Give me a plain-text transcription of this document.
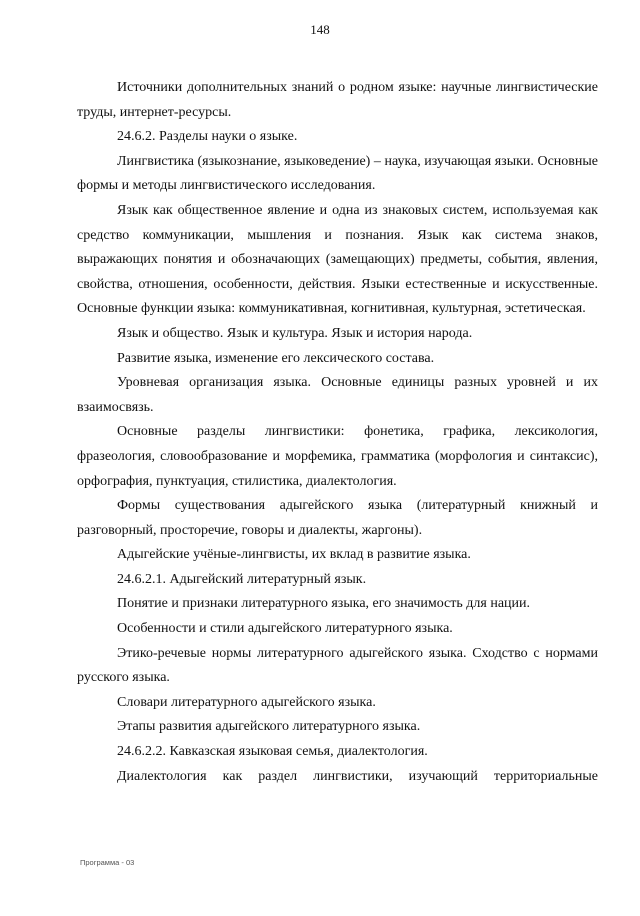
148

Источники дополнительных знаний о родном языке: научные лингвистические труды, интернет-ресурсы.

24.6.2. Разделы науки о языке.

Лингвистика (языкознание, языковедение) – наука, изучающая языки. Основные формы и методы лингвистического исследования.

Язык как общественное явление и одна из знаковых систем, используемая как средство коммуникации, мышления и познания. Язык как система знаков, выражающих понятия и обозначающих (замещающих) предметы, события, явления, свойства, отношения, особенности, действия. Языки естественные и искусственные. Основные функции языка: коммуникативная, когнитивная, культурная, эстетическая.

Язык и общество. Язык и культура. Язык и история народа.

Развитие языка, изменение его лексического состава.

Уровневая организация языка. Основные единицы разных уровней и их взаимосвязь.

Основные разделы лингвистики: фонетика, графика, лексикология, фразеология, словообразование и морфемика, грамматика (морфология и синтаксис), орфография, пунктуация, стилистика, диалектология.

Формы существования адыгейского языка (литературный книжный и разговорный, просторечие, говоры и диалекты, жаргоны).

Адыгейские учёные-лингвисты, их вклад в развитие языка.

24.6.2.1. Адыгейский литературный язык.

Понятие и признаки литературного языка, его значимость для нации.

Особенности и стили адыгейского литературного языка.

Этико-речевые нормы литературного адыгейского языка. Сходство с нормами русского языка.

Словари литературного адыгейского языка.

Этапы развития адыгейского литературного языка.

24.6.2.2. Кавказская языковая семья, диалектология.

Диалектология как раздел лингвистики, изучающий территориальные

Программа - 03
